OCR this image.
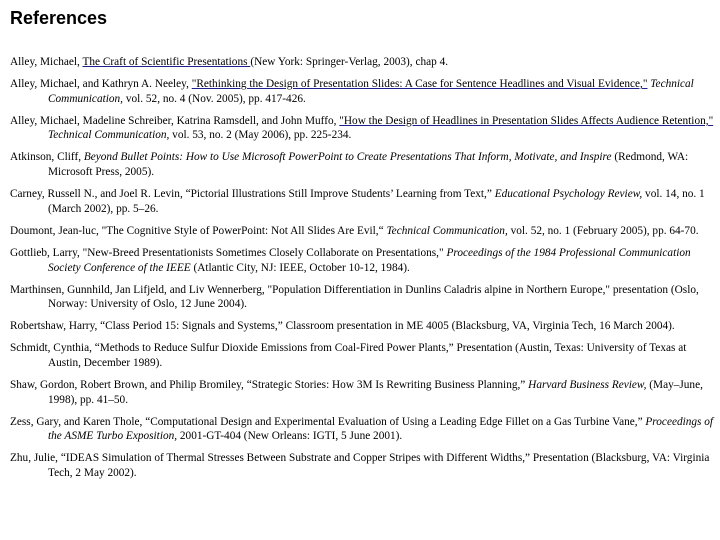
References

Alley, Michael, The Craft of Scientific Presentations (New York: Springer-Verlag, 2003), chap 4.

Alley, Michael, and Kathryn A. Neeley, "Rethinking the Design of Presentation Slides: A Case for Sentence Headlines and Visual Evidence," Technical Communication, vol. 52, no. 4 (Nov. 2005), pp. 417-426.

Alley, Michael, Madeline Schreiber, Katrina Ramsdell, and John Muffo, "How the Design of Headlines in Presentation Slides Affects Audience Retention," Technical Communication, vol. 53, no. 2 (May 2006), pp. 225-234.

Atkinson, Cliff, Beyond Bullet Points: How to Use Microsoft PowerPoint to Create Presentations That Inform, Motivate, and Inspire (Redmond, WA: Microsoft Press, 2005).

Carney, Russell N., and Joel R. Levin, “Pictorial Illustrations Still Improve Students’ Learning from Text,” Educational Psychology Review, vol. 14, no. 1 (March 2002), pp. 5–26.

Doumont, Jean-luc, "The Cognitive Style of PowerPoint: Not All Slides Are Evil,“ Technical Communication, vol. 52, no. 1 (February 2005), pp. 64-70.

Gottlieb, Larry, "New-Breed Presentationists Sometimes Closely Collaborate on Presentations," Proceedings of the 1984 Professional Communication Society Conference of the IEEE (Atlantic City, NJ: IEEE, October 10-12, 1984).

Marthinsen, Gunnhild, Jan Lifjeld, and Liv Wennerberg, "Population Differentiation in Dunlins Caladris alpine in Northern Europe," presentation (Oslo, Norway: University of Oslo, 12 June 2004).

Robertshaw, Harry, “Class Period 15: Signals and Systems,” Classroom presentation in ME 4005 (Blacksburg, VA, Virginia Tech, 16 March 2004).

Schmidt, Cynthia, “Methods to Reduce Sulfur Dioxide Emissions from Coal-Fired Power Plants,” Presentation (Austin, Texas: University of Texas at Austin, December 1989).

Shaw, Gordon, Robert Brown, and Philip Bromiley, “Strategic Stories: How 3M Is Rewriting Business Planning,” Harvard Business Review, (May–June, 1998), pp. 41–50.

Zess, Gary, and Karen Thole, “Computational Design and Experimental Evaluation of Using a Leading Edge Fillet on a Gas Turbine Vane,” Proceedings of the ASME Turbo Exposition, 2001-GT-404 (New Orleans: IGTI, 5 June 2001).

Zhu, Julie, “IDEAS Simulation of Thermal Stresses Between Substrate and Copper Stripes with Different Widths,” Presentation (Blacksburg, VA: Virginia Tech, 2 May 2002).
